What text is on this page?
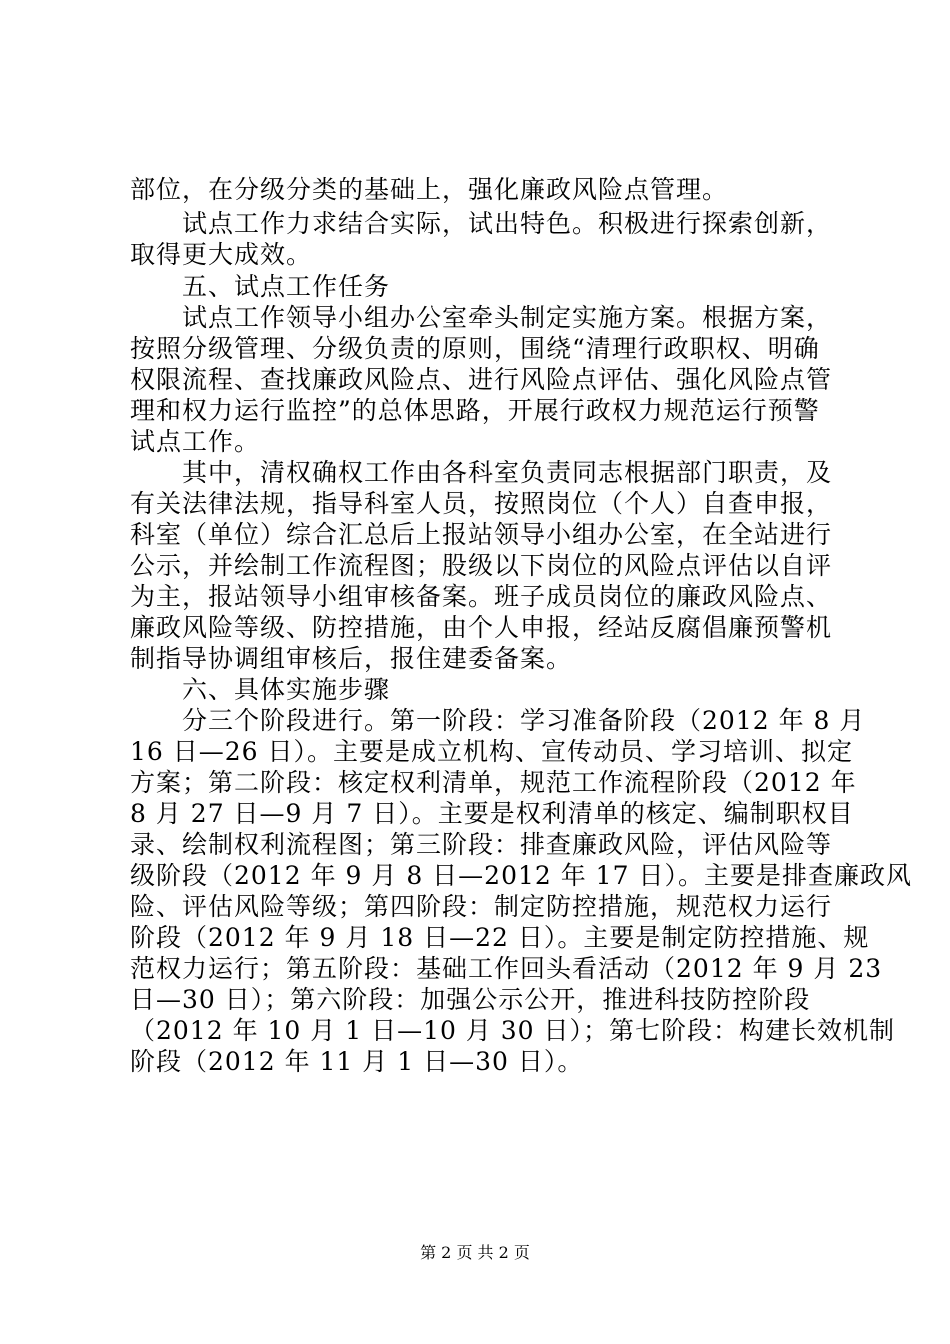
部位，在分级分类的基础上，强化廉政风险点管理。
　　试点工作力求结合实际，试出特色。积极进行探索创新，
取得更大成效。
　　五、试点工作任务
　　试点工作领导小组办公室牵头制定实施方案。根据方案，
按照分级管理、分级负责的原则，围绕“清理行政职权、明确
权限流程、查找廉政风险点、进行风险点评估、强化风险点管
理和权力运行监控”的总体思路，开展行政权力规范运行预警
试点工作。
　　其中，清权确权工作由各科室负责同志根据部门职责，及
有关法律法规，指导科室人员，按照岗位（个人）自查申报，
科室（单位）综合汇总后上报站领导小组办公室，在全站进行
公示，并绘制工作流程图；股级以下岗位的风险点评估以自评
为主，报站领导小组审核备案。班子成员岗位的廉政风险点、
廉政风险等级、防控措施，由个人申报，经站反腐倡廉预警机
制指导协调组审核后，报住建委备案。
　　六、具体实施步骤
　　分三个阶段进行。第一阶段：学习准备阶段（2012 年 8 月
16 日—26 日）。主要是成立机构、宣传动员、学习培训、拟定
方案；第二阶段：核定权利清单，规范工作流程阶段（2012 年
8 月 27 日—9 月 7 日）。主要是权利清单的核定、编制职权目
录、绘制权利流程图；第三阶段：排查廉政风险，评估风险等
级阶段（2012 年 9 月 8 日—2012 年 17 日）。主要是排查廉政风
险、评估风险等级；第四阶段：制定防控措施，规范权力运行
阶段（2012 年 9 月 18 日—22 日）。主要是制定防控措施、规
范权力运行；第五阶段：基础工作回头看活动（2012 年 9 月 23
日—30 日）；第六阶段：加强公示公开，推进科技防控阶段
（2012 年 10 月 1 日—10 月 30 日）；第七阶段：构建长效机制
阶段（2012 年 11 月 1 日—30 日）。
第 2 页 共 2 页
